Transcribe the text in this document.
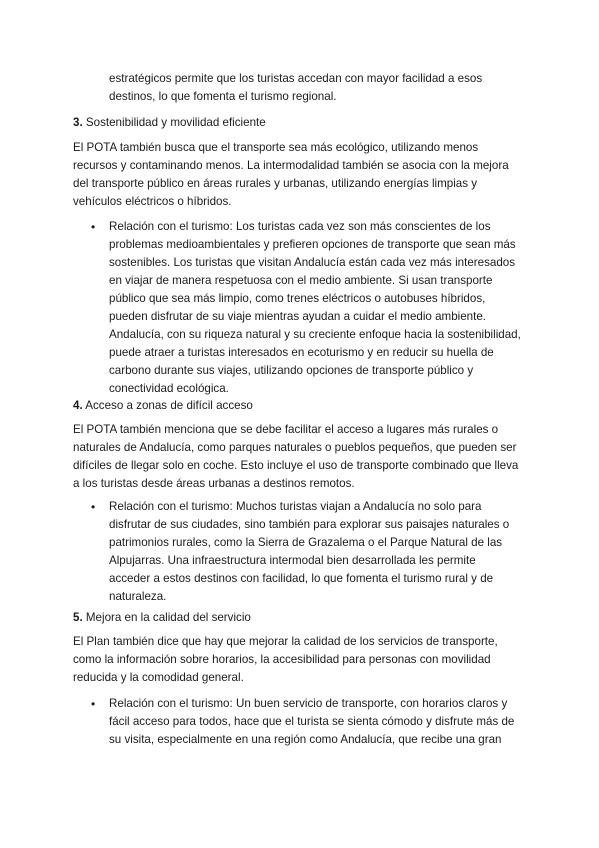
estratégicos permite que los turistas accedan con mayor facilidad a esos
destinos, lo que fomenta el turismo regional.
3. Sostenibilidad y movilidad eficiente
El POTA también busca que el transporte sea más ecológico, utilizando menos
recursos y contaminando menos. La intermodalidad también se asocia con la mejora
del transporte público en áreas rurales y urbanas, utilizando energías limpias y
vehículos eléctricos o híbridos.
• Relación con el turismo: Los turistas cada vez son más conscientes de los
problemas medioambientales y prefieren opciones de transporte que sean más
sostenibles. Los turistas que visitan Andalucía están cada vez más interesados
en viajar de manera respetuosa con el medio ambiente. Si usan transporte
público que sea más limpio, como trenes eléctricos o autobuses híbridos,
pueden disfrutar de su viaje mientras ayudan a cuidar el medio ambiente.
Andalucía, con su riqueza natural y su creciente enfoque hacia la sostenibilidad,
puede atraer a turistas interesados en ecoturismo y en reducir su huella de
carbono durante sus viajes, utilizando opciones de transporte público y
conectividad ecológica.
4. Acceso a zonas de difícil acceso
El POTA también menciona que se debe facilitar el acceso a lugares más rurales o
naturales de Andalucía, como parques naturales o pueblos pequeños, que pueden ser
difíciles de llegar solo en coche. Esto incluye el uso de transporte combinado que lleva
a los turistas desde áreas urbanas a destinos remotos.
• Relación con el turismo: Muchos turistas viajan a Andalucía no solo para
disfrutar de sus ciudades, sino también para explorar sus paisajes naturales o
patrimonios rurales, como la Sierra de Grazalema o el Parque Natural de las
Alpujarras. Una infraestructura intermodal bien desarrollada les permite
acceder a estos destinos con facilidad, lo que fomenta el turismo rural y de
naturaleza.
5. Mejora en la calidad del servicio
El Plan también dice que hay que mejorar la calidad de los servicios de transporte,
como la información sobre horarios, la accesibilidad para personas con movilidad
reducida y la comodidad general.
• Relación con el turismo: Un buen servicio de transporte, con horarios claros y
fácil acceso para todos, hace que el turista se sienta cómodo y disfrute más de
su visita, especialmente en una región como Andalucía, que recibe una gran
